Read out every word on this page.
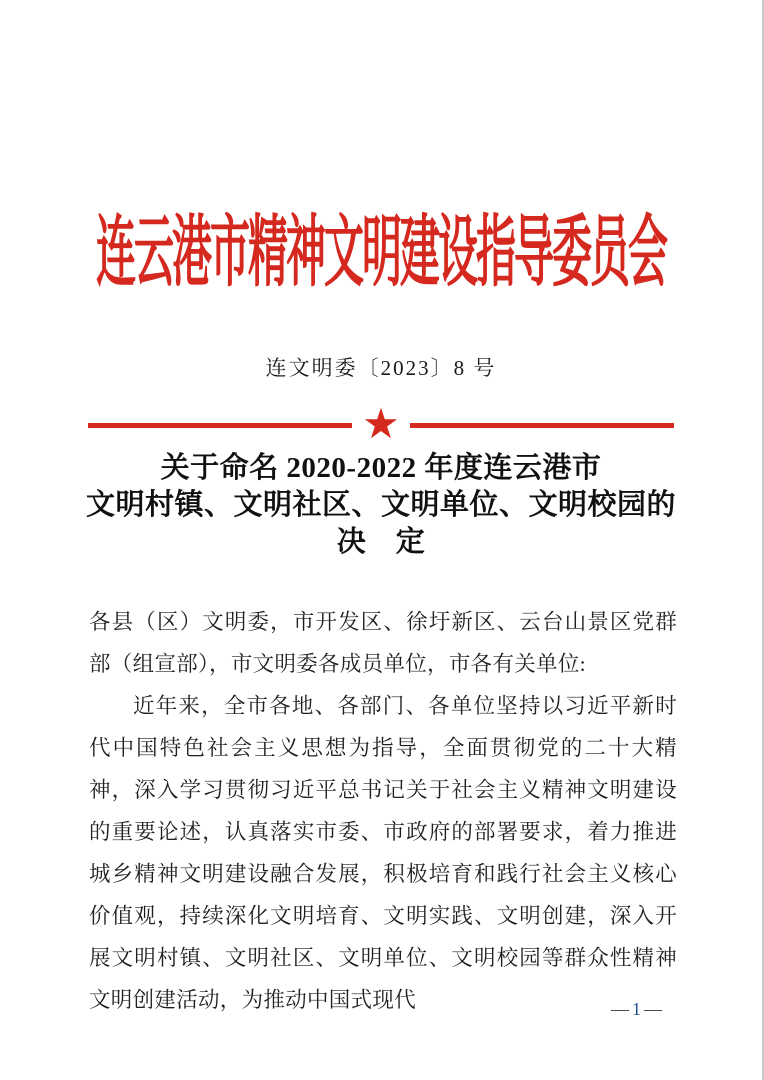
连云港市精神文明建设指导委员会
连文明委〔2023〕8 号
★
关于命名 2020-2022 年度连云港市
文明村镇、文明社区、文明单位、文明校园的
决　定

各县（区）文明委，市开发区、徐圩新区、云台山景区党群部（组宣部），市文明委各成员单位，市各有关单位:

近年来，全市各地、各部门、各单位坚持以习近平新时代中国特色社会主义思想为指导，全面贯彻党的二十大精神，深入学习贯彻习近平总书记关于社会主义精神文明建设的重要论述，认真落实市委、市政府的部署要求，着力推进城乡精神文明建设融合发展，积极培育和践行社会主义核心价值观，持续深化文明培育、文明实践、文明创建，深入开展文明村镇、文明社区、文明单位、文明校园等群众性精神文明创建活动，为推动中国式现代	— 1 —
